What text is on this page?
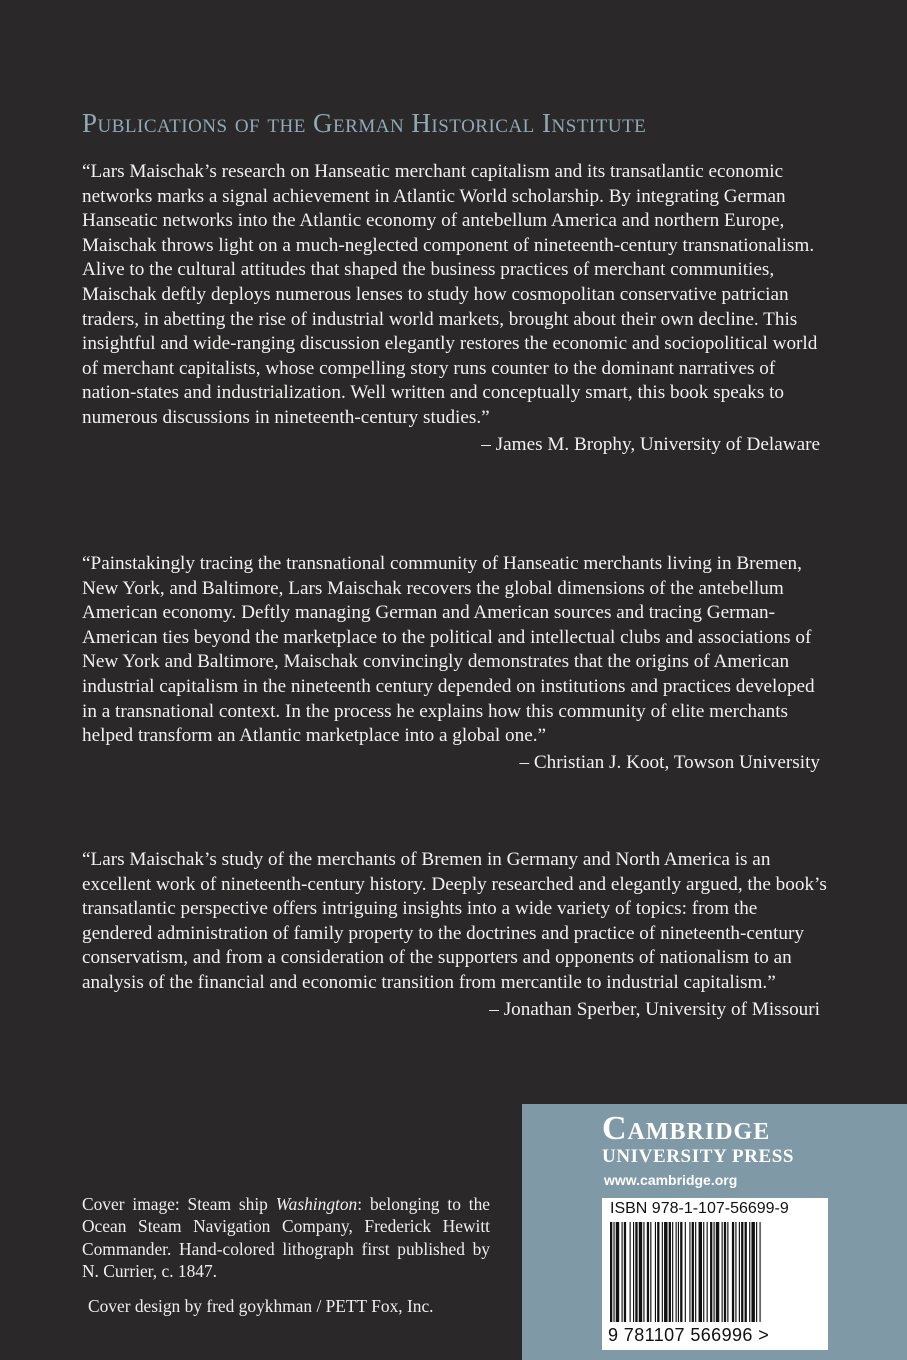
Publications of the German Historical Institute

“Lars Maischak’s research on Hanseatic merchant capitalism and its transatlantic economic networks marks a signal achievement in Atlantic World scholarship. By integrating German Hanseatic networks into the Atlantic economy of antebellum America and northern Europe, Maischak throws light on a much-neglected component of nineteenth-century transnationalism. Alive to the cultural attitudes that shaped the business practices of merchant communities, Maischak deftly deploys numerous lenses to study how cosmopolitan conservative patrician traders, in abetting the rise of industrial world markets, brought about their own decline. This insightful and wide-ranging discussion elegantly restores the economic and sociopolitical world of merchant capitalists, whose compelling story runs counter to the dominant narratives of nation-states and industrialization. Well written and conceptually smart, this book speaks to numerous discussions in nineteenth-century studies.”

– James M. Brophy, University of Delaware

“Painstakingly tracing the transnational community of Hanseatic merchants living in Bremen, New York, and Baltimore, Lars Maischak recovers the global dimensions of the antebellum American economy. Deftly managing German and American sources and tracing German-American ties beyond the marketplace to the political and intellectual clubs and associations of New York and Baltimore, Maischak convincingly demonstrates that the origins of American industrial capitalism in the nineteenth century depended on institutions and practices developed in a transnational context. In the process he explains how this community of elite merchants helped transform an Atlantic marketplace into a global one.”

– Christian J. Koot, Towson University

“Lars Maischak’s study of the merchants of Bremen in Germany and North America is an excellent work of nineteenth-century history. Deeply researched and elegantly argued, the book’s transatlantic perspective offers intriguing insights into a wide variety of topics: from the gendered administration of family property to the doctrines and practice of nineteenth-century conservatism, and from a consideration of the supporters and opponents of nationalism to an analysis of the financial and economic transition from mercantile to industrial capitalism.”

– Jonathan Sperber, University of Missouri
Cover image: Steam ship Washington: belonging to the Ocean Steam Navigation Company, Frederick Hewitt Commander. Hand-colored lithograph first published by N. Currier, c. 1847.
Cover design by fred goykhman / PETT Fox, Inc.
Cambridge
UNIVERSITY PRESS
www.cambridge.org
ISBN 978-1-107-56699-9
9 781107 566996 >
